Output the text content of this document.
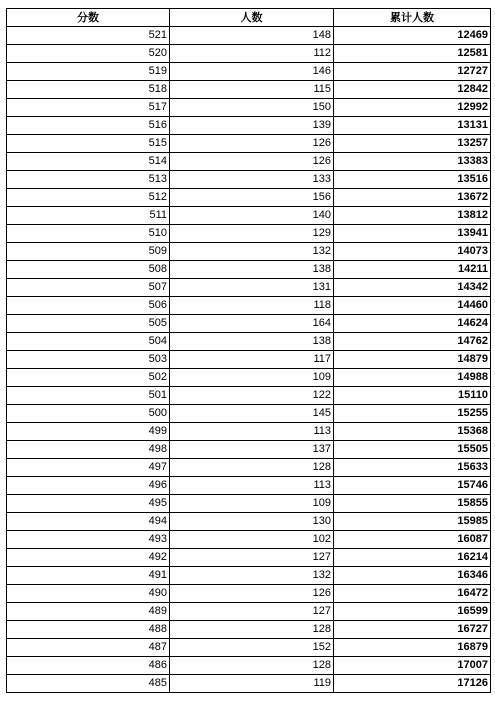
分数	人数	累计人数
521	148	12469
520	112	12581
519	146	12727
518	115	12842
517	150	12992
516	139	13131
515	126	13257
514	126	13383
513	133	13516
512	156	13672
511	140	13812
510	129	13941
509	132	14073
508	138	14211
507	131	14342
506	118	14460
505	164	14624
504	138	14762
503	117	14879
502	109	14988
501	122	15110
500	145	15255
499	113	15368
498	137	15505
497	128	15633
496	113	15746
495	109	15855
494	130	15985
493	102	16087
492	127	16214
491	132	16346
490	126	16472
489	127	16599
488	128	16727
487	152	16879
486	128	17007
485	119	17126
